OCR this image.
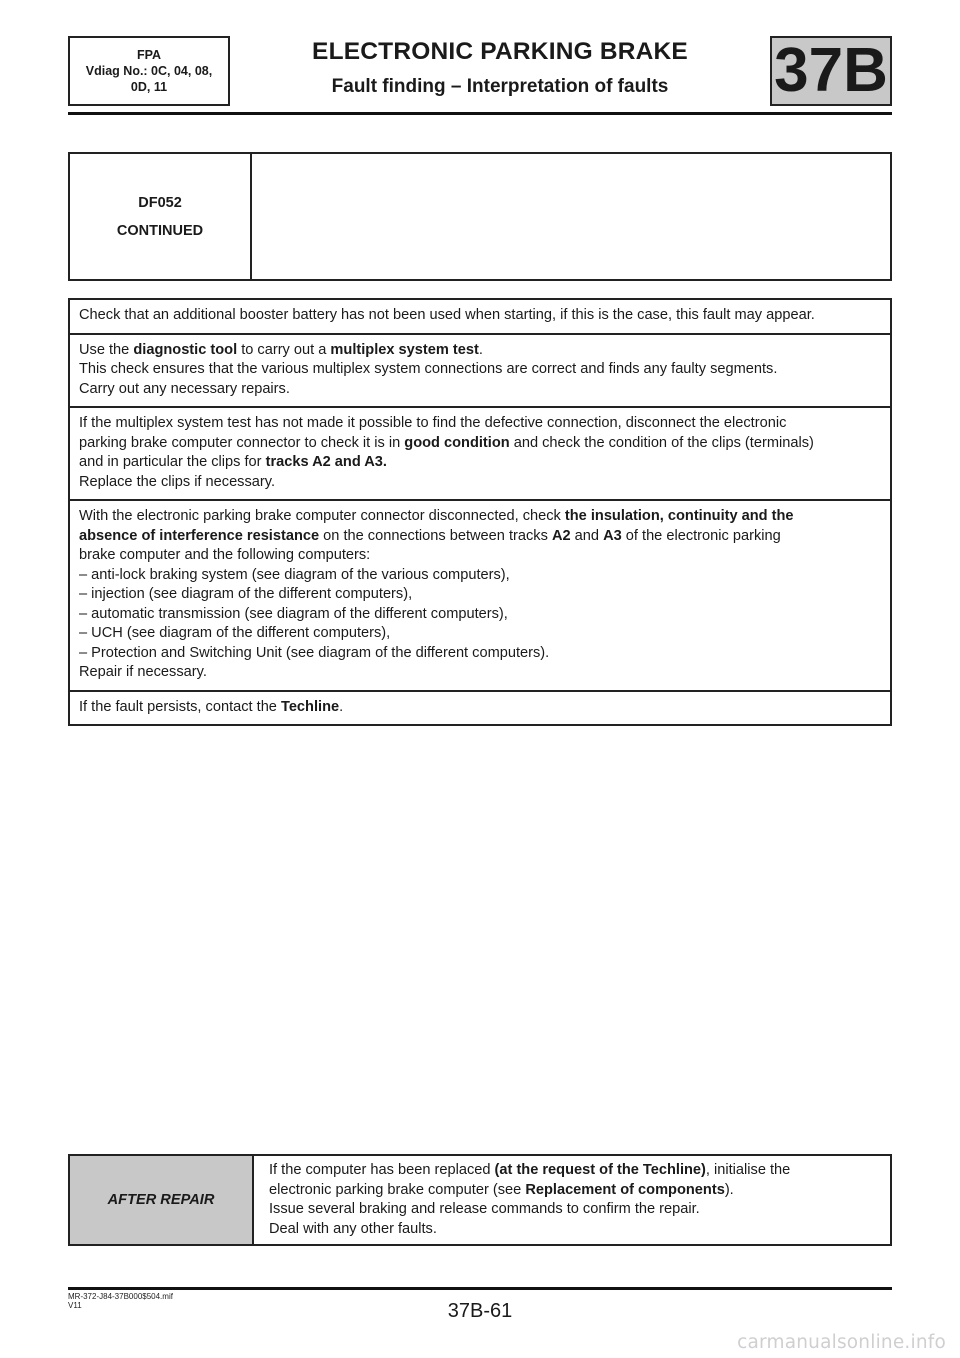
FPA
Vdiag No.: 0C, 04, 08,
0D, 11
ELECTRONIC PARKING BRAKE
Fault finding – Interpretation of faults	37B
DF052
CONTINUED
Check that an additional booster battery has not been used when starting, if this is the case, this fault may appear.
Use the diagnostic tool to carry out a multiplex system test.
This check ensures that the various multiplex system connections are correct and finds any faulty segments.
Carry out any necessary repairs.
If the multiplex system test has not made it possible to find the defective connection, disconnect the electronic
parking brake computer connector to check it is in good condition and check the condition of the clips (terminals)
and in particular the clips for tracks A2 and A3.
Replace the clips if necessary.
With the electronic parking brake computer connector disconnected, check the insulation, continuity and the
absence of interference resistance on the connections between tracks A2 and A3 of the electronic parking
brake computer and the following computers:
– anti-lock braking system (see diagram of the various computers),
– injection (see diagram of the different computers),
– automatic transmission (see diagram of the different computers),
– UCH (see diagram of the different computers),
– Protection and Switching Unit (see diagram of the different computers).
Repair if necessary.
If the fault persists, contact the Techline.
AFTER REPAIR
If the computer has been replaced (at the request of the Techline), initialise the
electronic parking brake computer (see Replacement of components).
Issue several braking and release commands to confirm the repair.
Deal with any other faults.
MR-372-J84-37B000$504.mif
V11	37B-61
carmanualsonline.info
